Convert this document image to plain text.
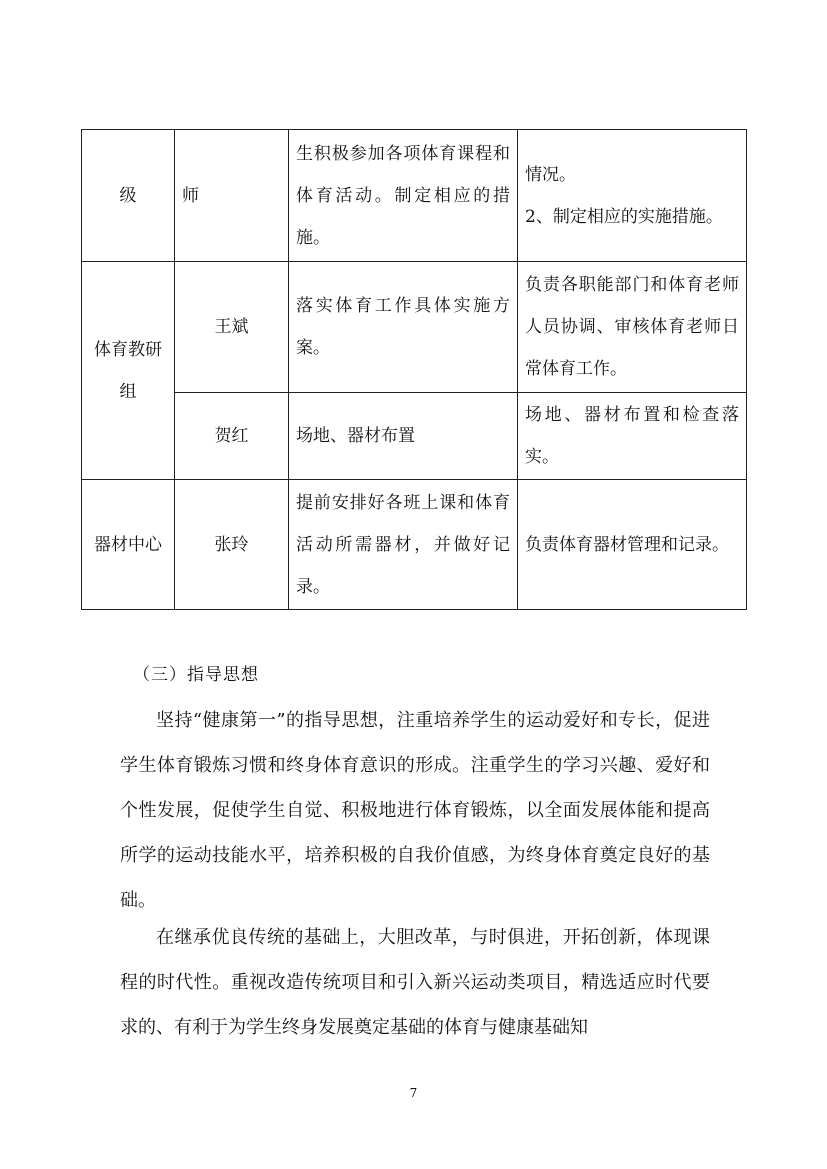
级	师	生积极参加各项体育课程和体育活动。制定相应的措施。	情况。
2、制定相应的实施措施。

体育教研组	王斌	落实体育工作具体实施方案。	负责各职能部门和体育老师人员协调、审核体育老师日常体育工作。

	贺红	场地、器材布置	场地、器材布置和检查落实。

器材中心	张玲	提前安排好各班上课和体育活动所需器材，并做好记录。	负责体育器材管理和记录。
（三）指导思想

坚持“健康第一”的指导思想，注重培养学生的运动爱好和专长，促进学生体育锻炼习惯和终身体育意识的形成。注重学生的学习兴趣、爱好和个性发展，促使学生自觉、积极地进行体育锻炼，以全面发展体能和提高所学的运动技能水平，培养积极的自我价值感，为终身体育奠定良好的基础。

在继承优良传统的基础上，大胆改革，与时俱进，开拓创新，体现课程的时代性。重视改造传统项目和引入新兴运动类项目，精选适应时代要求的、有利于为学生终身发展奠定基础的体育与健康基础知

7
